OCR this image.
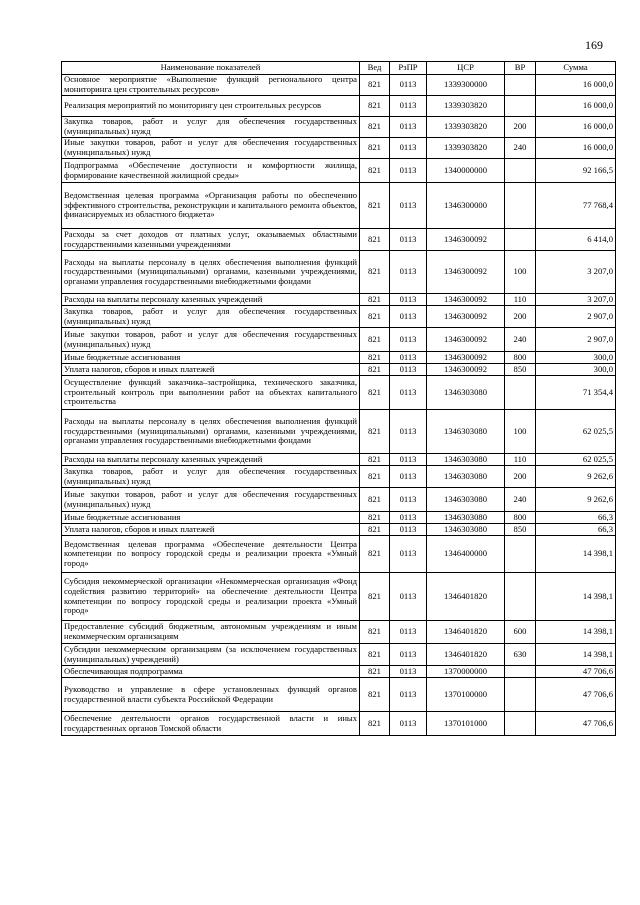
169
Наименование показателей	Вед	РзПР	ЦСР	ВР	Сумма
Основное мероприятие «Выполнение функций регионального центра мониторинга цен строительных ресурсов»	821	0113	1339300000		16 000,0
Реализация мероприятий по мониторингу цен строительных ресурсов	821	0113	1339303820		16 000,0
Закупка товаров, работ и услуг для обеспечения государственных (муниципальных) нужд	821	0113	1339303820	200	16 000,0
Иные закупки товаров, работ и услуг для обеспечения государственных (муниципальных) нужд	821	0113	1339303820	240	16 000,0
Подпрограмма «Обеспечение доступности и комфортности жилища, формирование качественной жилищной среды»	821	0113	1340000000		92 166,5
Ведомственная целевая программа «Организация работы по обеспечению эффективного строительства, реконструкции и капитального ремонта объектов, финансируемых из областного бюджета»	821	0113	1346300000		77 768,4
Расходы за счет доходов от платных услуг, оказываемых областными государственными казенными учреждениями	821	0113	1346300092		6 414,0
Расходы на выплаты персоналу в целях обеспечения выполнения функций государственными (муниципальными) органами, казенными учреждениями, органами управления государственными внебюджетными фондами	821	0113	1346300092	100	3 207,0
Расходы на выплаты персоналу казенных учреждений	821	0113	1346300092	110	3 207,0
Закупка товаров, работ и услуг для обеспечения государственных (муниципальных) нужд	821	0113	1346300092	200	2 907,0
Иные закупки товаров, работ и услуг для обеспечения государственных (муниципальных) нужд	821	0113	1346300092	240	2 907,0
Иные бюджетные ассигнования	821	0113	1346300092	800	300,0
Уплата налогов, сборов и иных платежей	821	0113	1346300092	850	300,0
Осуществление функций заказчика–застройщика, технического заказчика, строительный контроль при выполнении работ на объектах капитального строительства	821	0113	1346303080		71 354,4
Расходы на выплаты персоналу в целях обеспечения выполнения функций государственными (муниципальными) органами, казенными учреждениями, органами управления государственными внебюджетными фондами	821	0113	1346303080	100	62 025,5
Расходы на выплаты персоналу казенных учреждений	821	0113	1346303080	110	62 025,5
Закупка товаров, работ и услуг для обеспечения государственных (муниципальных) нужд	821	0113	1346303080	200	9 262,6
Иные закупки товаров, работ и услуг для обеспечения государственных (муниципальных) нужд	821	0113	1346303080	240	9 262,6
Иные бюджетные ассигнования	821	0113	1346303080	800	66,3
Уплата налогов, сборов и иных платежей	821	0113	1346303080	850	66,3
Ведомственная целевая программа «Обеспечение деятельности Центра компетенции по вопросу городской среды и реализации проекта «Умный город»	821	0113	1346400000		14 398,1
Субсидия некоммерческой организации «Некоммерческая организация «Фонд содействия развитию территорий» на обеспечение деятельности Центра компетенции по вопросу городской среды и реализации проекта «Умный город»	821	0113	1346401820		14 398,1
Предоставление субсидий бюджетным, автономным учреждениям и иным некоммерческим организациям	821	0113	1346401820	600	14 398,1
Субсидии некоммерческим организациям (за исключением государственных (муниципальных) учреждений)	821	0113	1346401820	630	14 398,1
Обеспечивающая подпрограмма	821	0113	1370000000		47 706,6
Руководство и управление в сфере установленных функций органов государственной власти субъекта Российской Федерации	821	0113	1370100000		47 706,6
Обеспечение деятельности органов государственной власти и иных государственных органов Томской области	821	0113	1370101000		47 706,6
